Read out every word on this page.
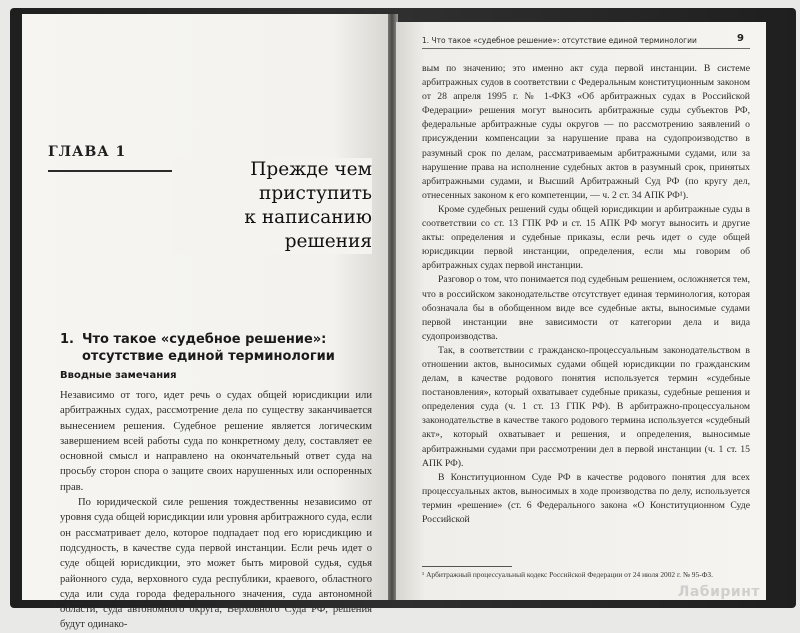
ГЛАВА 1
Прежде чем
приступить
к написанию
решения
1. Что такое «судебное решение»: отсутствие единой терминологии
Вводные замечания

Независимо от того, идет речь о судах общей юрисдикции или арбитражных судах, рассмотрение дела по существу заканчивается вынесением решения. Судебное решение является логическим завершением всей работы суда по конкретному делу, составляет ее основной смысл и направлено на окончательный ответ суда на просьбу сторон спора о защите своих нарушенных или оспоренных прав.

По юридической силе решения тождественны независимо от уровня суда общей юрисдикции или уровня арбитражного суда, если он рассматривает дело, которое подпадает под его юрисдикцию и подсудность, в качестве суда первой инстанции. Если речь идет о суде общей юрисдикции, это может быть мировой судья, судья районного суда, верховного суда республики, краевого, областного суда или суда города федерального значения, суда автономной области, суда автономного округа, Верховного Суда РФ, решения будут одинако-

1. Что такое «судебное решение»: отсутствие единой терминологии	9

вым по значению; это именно акт суда первой инстанции. В системе арбитражных судов в соответствии с Федеральным конституционным законом от 28 апреля 1995 г. № 1-ФКЗ «Об арбитражных судах в Российской Федерации» решения могут выносить арбитражные суды субъектов РФ, федеральные арбитражные суды округов — по рассмотрению заявлений о присуждении компенсации за нарушение права на судопроизводство в разумный срок по делам, рассматриваемым арбитражными судами, или за нарушение права на исполнение судебных актов в разумный срок, принятых арбитражными судами, и Высший Арбитражный Суд РФ (по кругу дел, отнесенных законом к его компетенции, — ч. 2 ст. 34 АПК РФ¹).

Кроме судебных решений суды общей юрисдикции и арбитражные суды в соответствии со ст. 13 ГПК РФ и ст. 15 АПК РФ могут выносить и другие акты: определения и судебные приказы, если речь идет о суде общей юрисдикции первой инстанции, определения, если мы говорим об арбитражных судах первой инстанции.

Разговор о том, что понимается под судебным решением, осложняется тем, что в российском законодательстве отсутствует единая терминология, которая обозначала бы в обобщенном виде все судебные акты, выносимые судами первой инстанции вне зависимости от категории дела и вида судопроизводства.

Так, в соответствии с гражданско-процессуальным законодательством в отношении актов, выносимых судами общей юрисдикции по гражданским делам, в качестве родового понятия используется термин «судебные постановления», который охватывает судебные приказы, судебные решения и определения суда (ч. 1 ст. 13 ГПК РФ). В арбитражно-процессуальном законодательстве в качестве такого родового термина используется «судебный акт», который охватывает и решения, и определения, выносимые арбитражными судами при рассмотрении дел в первой инстанции (ч. 1 ст. 15 АПК РФ).

В Конституционном Суде РФ в качестве родового понятия для всех процессуальных актов, выносимых в ходе производства по делу, используется термин «решение» (ст. 6 Федерального закона «О Конституционном Суде Российской

¹ Арбитражный процессуальный кодекс Российской Федерации от 24 июля 2002 г. № 95-ФЗ.
Лабиринт
